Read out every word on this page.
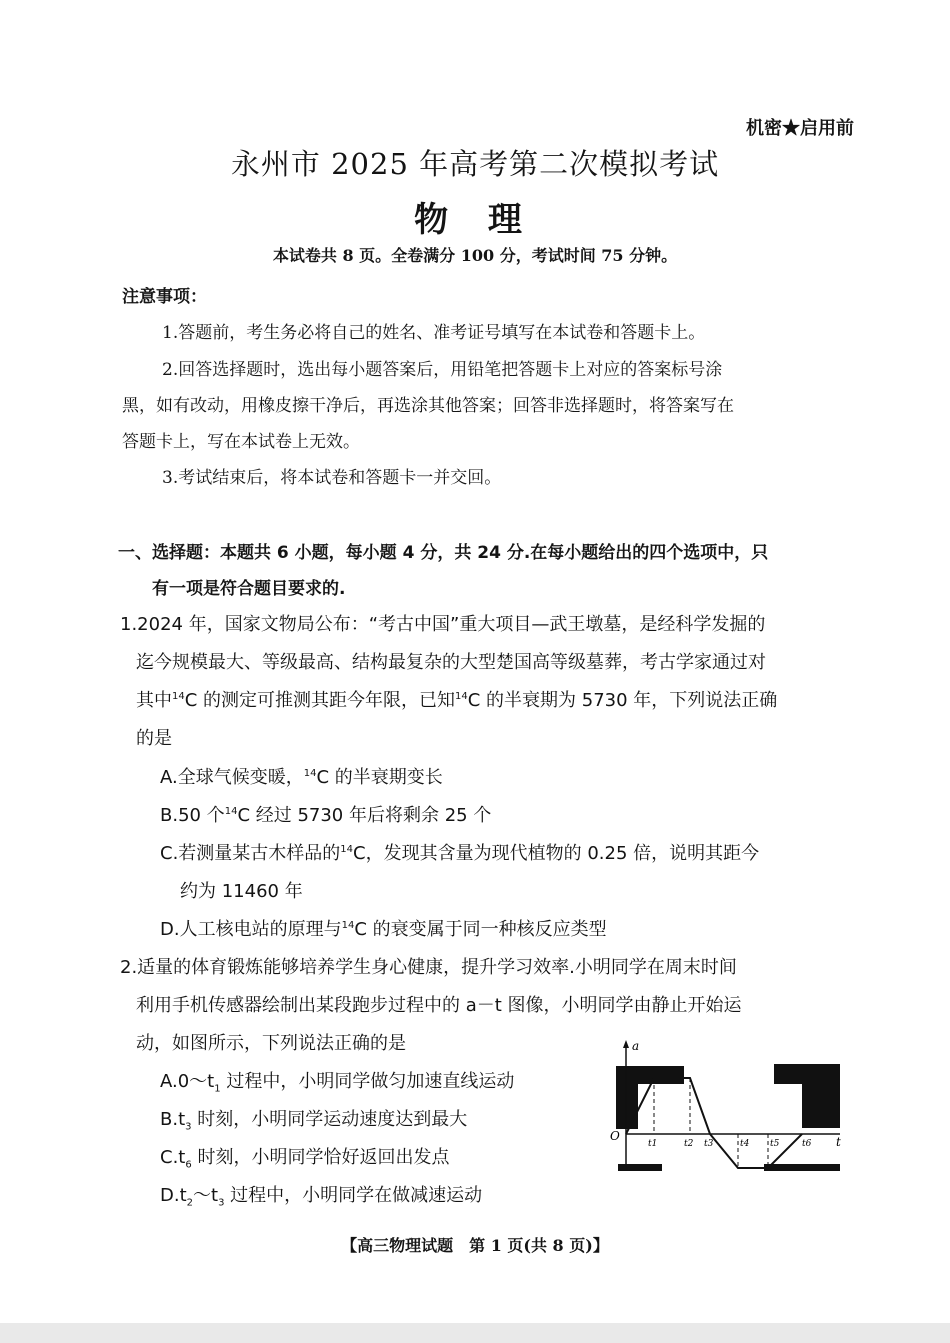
机密★启用前
永州市 2025 年高考第二次模拟考试
物 理
本试卷共 8 页。全卷满分 100 分，考试时间 75 分钟。
注意事项：
1.答题前，考生务必将自己的姓名、准考证号填写在本试卷和答题卡上。
2.回答选择题时，选出每小题答案后，用铅笔把答题卡上对应的答案标号涂
黑，如有改动，用橡皮擦干净后，再选涂其他答案；回答非选择题时，将答案写在
答题卡上，写在本试卷上无效。
3.考试结束后，将本试卷和答题卡一并交回。
一、选择题：本题共 6 小题，每小题 4 分，共 24 分.在每小题给出的四个选项中，只
有一项是符合题目要求的.
1.2024 年，国家文物局公布：“考古中国”重大项目—武王墩墓，是经科学发掘的
迄今规模最大、等级最高、结构最复杂的大型楚国高等级墓葬，考古学家通过对
其中$^{14}$C 的测定可推测其距今年限，已知$^{14}$C 的半衰期为 5730 年，下列说法正确
的是
A.全球气候变暖，$^{14}$C 的半衰期变长
B.50 个$^{14}$C 经过 5730 年后将剩余 25 个
C.若测量某古木样品的$^{14}$C，发现其含量为现代植物的 0.25 倍，说明其距今
约为 11460 年
D.人工核电站的原理与$^{14}$C 的衰变属于同一种核反应类型
2.适量的体育锻炼能够培养学生身心健康，提升学习效率.小明同学在周末时间
利用手机传感器绘制出某段跑步过程中的 a－t 图像，小明同学由静止开始运
动，如图所示，下列说法正确的是
$A.0\sim t_1$ 过程中，小明同学做匀加速直线运动
$B.t_3$ 时刻，小明同学运动速度达到最大
$C.t_6$ 时刻，小明同学恰好返回出发点
$D.t_2\sim t_3$ 过程中，小明同学在做减速运动
a
t
O
t1	t2 t3	t4 t5	t6
【高三物理试题　第 1 页(共 8 页)】
